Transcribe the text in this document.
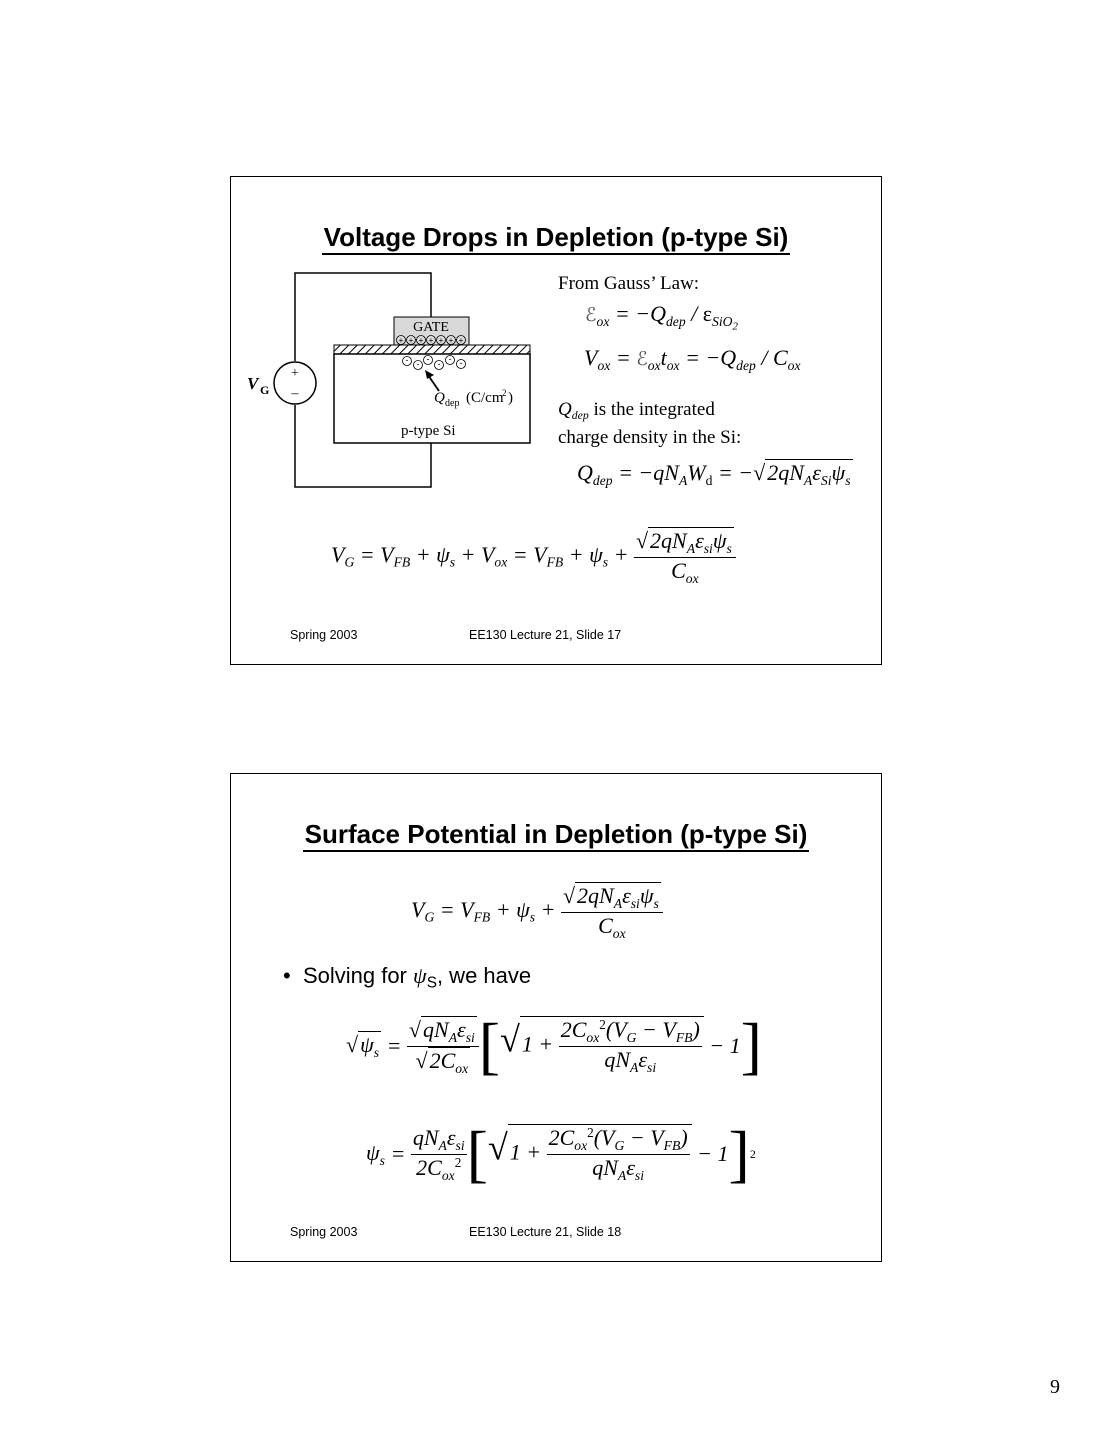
Voltage Drops in Depletion (p-type Si)
+
–
V G
GATE
+ + + + + + +
- - - - - -
Q dep (C/cm
2 )
p-type Si
From Gauss’ Law:
ℰ$_{ox}$ = $-Q_{dep} / \varepsilon_{SiO_2}$
$V_{ox}$ = $ℰ_{ox}t_{ox} = -Q_{dep} / C_{ox}$
$Q_{dep}$ is the integrated
charge density in the Si:
$Q_{dep} = -qN_AW_d = -√2qN_A\varepsilon_{Si}\psi_s$
$V_G = V_{FB} + \psi_s + V_{ox} = V_{FB} + \psi_s + \frac{√2qN_A\varepsilon_{si}\psi_s}{C_{ox}}$
Spring 2003	EE130 Lecture 21, Slide 17
Surface Potential in Depletion (p-type Si)
$V_G = V_{FB} + \psi_s + \frac{√2qN_A\varepsilon_{si}\psi_s}{C_{ox}}$
• Solving for $\psi_S$, we have
$√\psi_s = \frac{√qN_A\varepsilon_{si}}{√2C_{ox}}$ [ $√1 + \frac{2C_{ox}^2(V_G - V_{FB})}{qN_A\varepsilon_{si}} - 1$ ]
$\psi_s = \frac{qN_A\varepsilon_{si}}{2C_{ox}^2}$ [ $√1 + \frac{2C_{ox}^2(V_G - V_{FB})}{qN_A\varepsilon_{si}} - 1$ ] 2
Spring 2003	EE130 Lecture 21, Slide 18
9
